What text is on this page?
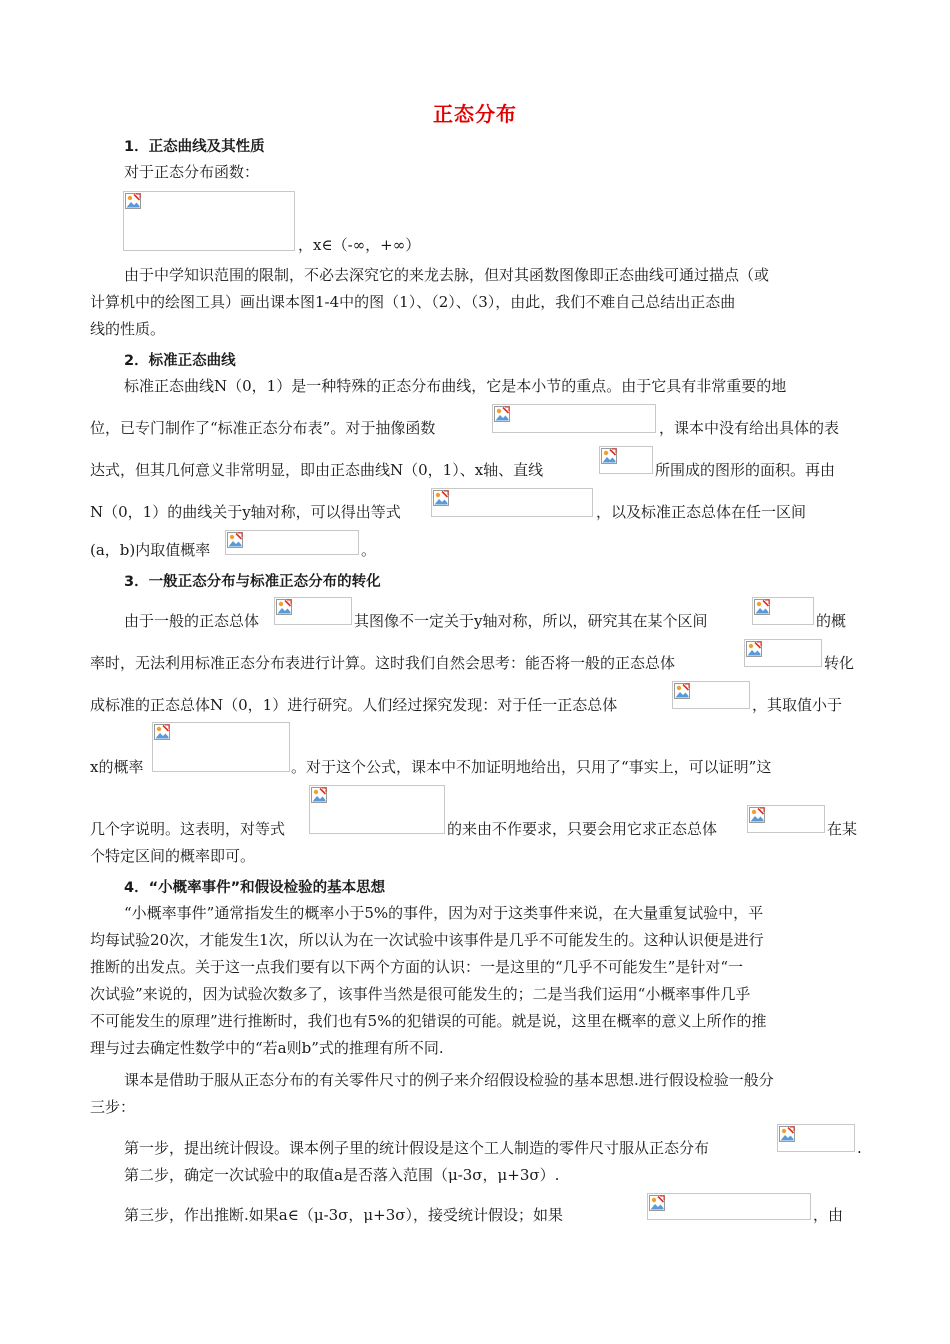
正态分布
1．正态曲线及其性质
对于正态分布函数：
，x∈（-∞，+∞）
由于中学知识范围的限制，不必去深究它的来龙去脉，但对其函数图像即正态曲线可通过描点（或
计算机中的绘图工具）画出课本图1-4中的图（1）、（2）、（3），由此，我们不难自己总结出正态曲
线的性质。
2．标准正态曲线
标准正态曲线N（0，1）是一种特殊的正态分布曲线，它是本小节的重点。由于它具有非常重要的地
位，已专门制作了“标准正态分布表”。对于抽像函数	，课本中没有给出具体的表
达式，但其几何意义非常明显，即由正态曲线N（0，1）、x轴、直线	所围成的图形的面积。再由
N（0，1）的曲线关于y轴对称，可以得出等式	，以及标准正态总体在任一区间
(a，b)内取值概率	。
3．一般正态分布与标准正态分布的转化
由于一般的正态总体	其图像不一定关于y轴对称，所以，研究其在某个区间	的概
率时，无法利用标准正态分布表进行计算。这时我们自然会思考：能否将一般的正态总体	转化
成标准的正态总体N（0，1）进行研究。人们经过探究发现：对于任一正态总体	，其取值小于
x的概率	。对于这个公式，课本中不加证明地给出，只用了“事实上，可以证明”这
几个字说明。这表明，对等式	的来由不作要求，只要会用它求正态总体	在某
个特定区间的概率即可。
4．“小概率事件”和假设检验的基本思想
“小概率事件”通常指发生的概率小于5%的事件，因为对于这类事件来说，在大量重复试验中，平
均每试验20次，才能发生1次，所以认为在一次试验中该事件是几乎不可能发生的。这种认识便是进行
推断的出发点。关于这一点我们要有以下两个方面的认识：一是这里的“几乎不可能发生”是针对“一
次试验”来说的，因为试验次数多了，该事件当然是很可能发生的；二是当我们运用“小概率事件几乎
不可能发生的原理”进行推断时，我们也有5%的犯错误的可能。就是说，这里在概率的意义上所作的推
理与过去确定性数学中的“若a则b”式的推理有所不同.
课本是借助于服从正态分布的有关零件尺寸的例子来介绍假设检验的基本思想.进行假设检验一般分
三步：
第一步，提出统计假设。课本例子里的统计假设是这个工人制造的零件尺寸服从正态分布	.
第二步，确定一次试验中的取值a是否落入范围（μ-3σ，μ+3σ）.
第三步，作出推断.如果a∈（μ-3σ，μ+3σ），接受统计假设；如果	，由
